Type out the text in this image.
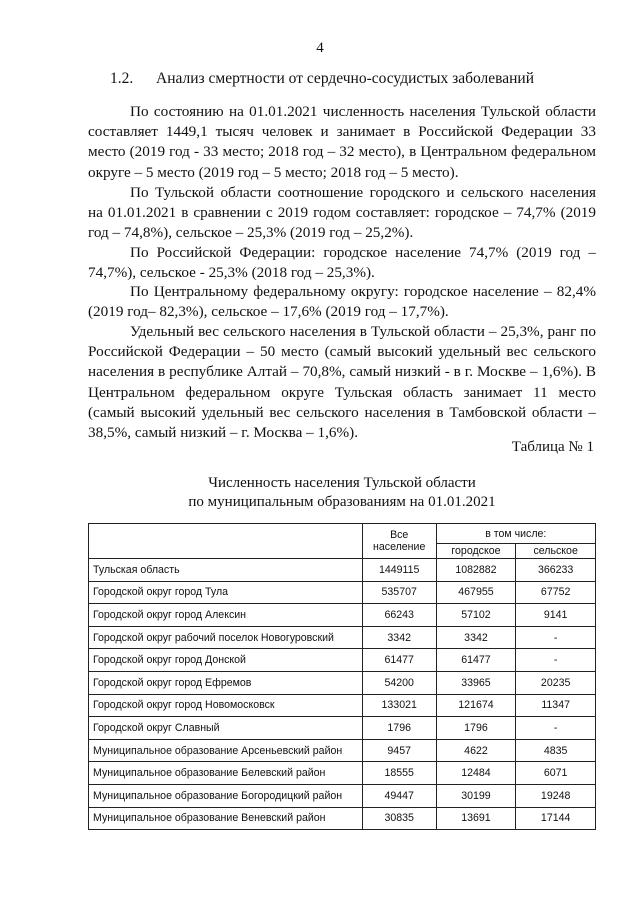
4
1.2. Анализ смертности от сердечно-сосудистых заболеваний

По состоянию на 01.01.2021 численность населения Тульской области составляет 1449,1 тысяч человек и занимает в Российской Федерации 33 место (2019 год - 33 место; 2018 год – 32 место), в Центральном федеральном округе – 5 место (2019 год – 5 место; 2018 год – 5 место).

По Тульской области соотношение городского и сельского населения на 01.01.2021 в сравнении с 2019 годом составляет: городское – 74,7% (2019 год – 74,8%), сельское – 25,3% (2019 год – 25,2%).

По Российской Федерации: городское население 74,7% (2019 год – 74,7%), сельское - 25,3% (2018 год – 25,3%).

По Центральному федеральному округу: городское население – 82,4% (2019 год– 82,3%), сельское – 17,6% (2019 год – 17,7%).

Удельный вес сельского населения в Тульской области – 25,3%, ранг по Российской Федерации – 50 место (самый высокий удельный вес сельского населения в республике Алтай – 70,8%, самый низкий - в г. Москве – 1,6%). В Центральном федеральном округе Тульская область занимает 11 место (самый высокий удельный вес сельского населения в Тамбовской области – 38,5%, самый низкий – г. Москва – 1,6%).

Таблица № 1
Численность населения Тульской области
по муниципальным образованиям на 01.01.2021
	Все население	в том числе:	
		городское	сельское
Тульская область	1449115	1082882	366233
Городской округ город Тула	535707	467955	67752
Городской округ город Алексин	66243	57102	9141
Городской округ рабочий поселок Новогуровский	3342	3342	-
Городской округ город Донской	61477	61477	-
Городской округ город Ефремов	54200	33965	20235
Городской округ город Новомосковск	133021	121674	11347
Городской округ Славный	1796	1796	-
Муниципальное образование Арсеньевский район	9457	4622	4835
Муниципальное образование Белевский район	18555	12484	6071
Муниципальное образование Богородицкий район	49447	30199	19248
Муниципальное образование Веневский район	30835	13691	17144
